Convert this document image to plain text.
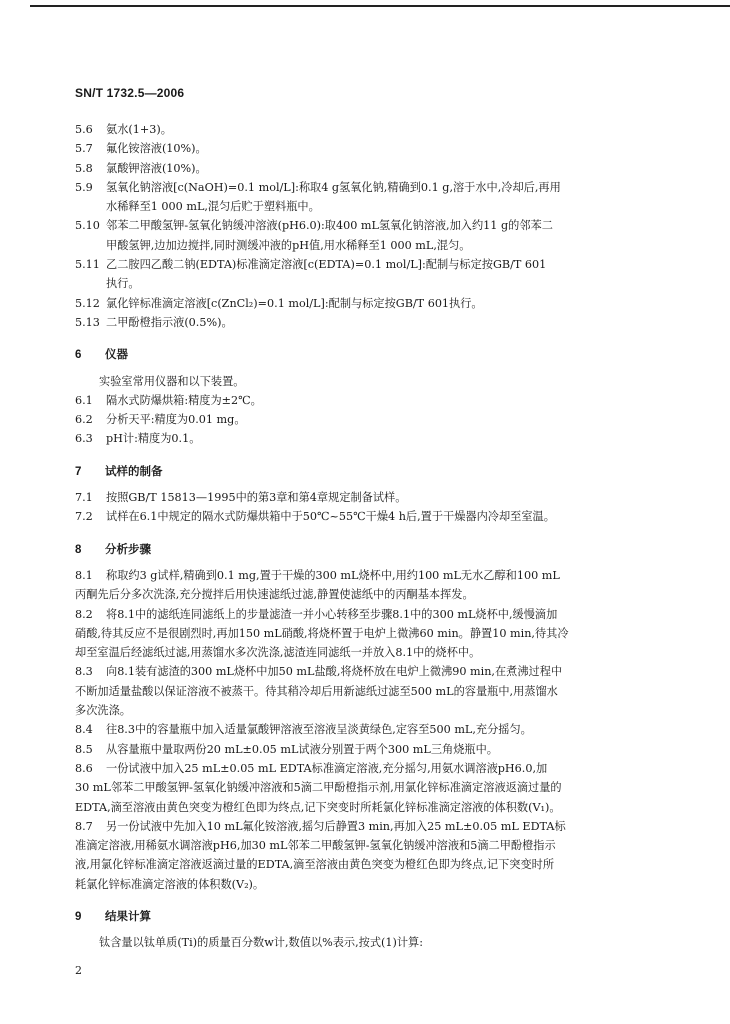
SN/T 1732.5—2006
5.6	氨水(1+3)。
5.7	氟化铵溶液(10%)。
5.8	氯酸钾溶液(10%)。
5.9	氢氧化钠溶液[c(NaOH)=0.1 mol/L]:称取4 g氢氧化钠,精确到0.1 g,溶于水中,冷却后,再用
水稀释至1 000 mL,混匀后贮于塑料瓶中。
5.10 邻苯二甲酸氢钾-氢氧化钠缓冲溶液(pH6.0):取400 mL氢氧化钠溶液,加入约11 g的邻苯二
甲酸氢钾,边加边搅拌,同时测缓冲液的pH值,用水稀释至1 000 mL,混匀。
5.11 乙二胺四乙酸二钠(EDTA)标准滴定溶液[c(EDTA)=0.1 mol/L]:配制与标定按GB/T 601
执行。
5.12 氯化锌标准滴定溶液[c(ZnCl₂)=0.1 mol/L]:配制与标定按GB/T 601执行。
5.13 二甲酚橙指示液(0.5%)。
6	仪器
实验室常用仪器和以下装置。
6.1	隔水式防爆烘箱:精度为±2℃。
6.2	分析天平:精度为0.01 mg。
6.3	pH计:精度为0.1。
7	试样的制备
7.1	按照GB/T 15813—1995中的第3章和第4章规定制备试样。
7.2	试样在6.1中规定的隔水式防爆烘箱中于50℃~55℃干燥4 h后,置于干燥器内冷却至室温。
8	分析步骤
8.1	称取约3 g试样,精确到0.1 mg,置于干燥的300 mL烧杯中,用约100 mL无水乙醇和100 mL
丙酮先后分多次洗涤,充分搅拌后用快速滤纸过滤,静置使滤纸中的丙酮基本挥发。
8.2	将8.1中的滤纸连同滤纸上的步量滤渣一并小心转移至步骤8.1中的300 mL烧杯中,缓慢滴加
硝酸,待其反应不是很剧烈时,再加150 mL硝酸,将烧杯置于电炉上微沸60 min。静置10 min,待其冷
却至室温后经滤纸过滤,用蒸馏水多次洗涤,滤渣连同滤纸一并放入8.1中的烧杯中。
8.3	向8.1装有滤渣的300 mL烧杯中加50 mL盐酸,将烧杯放在电炉上微沸90 min,在煮沸过程中
不断加适量盐酸以保证溶液不被蒸干。待其稍冷却后用新滤纸过滤至500 mL的容量瓶中,用蒸馏水
多次洗涤。
8.4	往8.3中的容量瓶中加入适量氯酸钾溶液至溶液呈淡黄绿色,定容至500 mL,充分摇匀。
8.5	从容量瓶中量取两份20 mL±0.05 mL试液分别置于两个300 mL三角烧瓶中。
8.6	一份试液中加入25 mL±0.05 mL EDTA标准滴定溶液,充分摇匀,用氨水调溶液pH6.0,加
30 mL邻苯二甲酸氢钾-氢氧化钠缓冲溶液和5滴二甲酚橙指示剂,用氯化锌标准滴定溶液返滴过量的
EDTA,滴至溶液由黄色突变为橙红色即为终点,记下突变时所耗氯化锌标准滴定溶液的体积数(V₁)。
8.7	另一份试液中先加入10 mL氟化铵溶液,摇匀后静置3 min,再加入25 mL±0.05 mL EDTA标
准滴定溶液,用稀氨水调溶液pH6,加30 mL邻苯二甲酸氢钾-氢氧化钠缓冲溶液和5滴二甲酚橙指示
液,用氯化锌标准滴定溶液返滴过量的EDTA,滴至溶液由黄色突变为橙红色即为终点,记下突变时所
耗氯化锌标准滴定溶液的体积数(V₂)。
9	结果计算
钛含量以钛单质(Ti)的质量百分数w计,数值以%表示,按式(1)计算:
2
